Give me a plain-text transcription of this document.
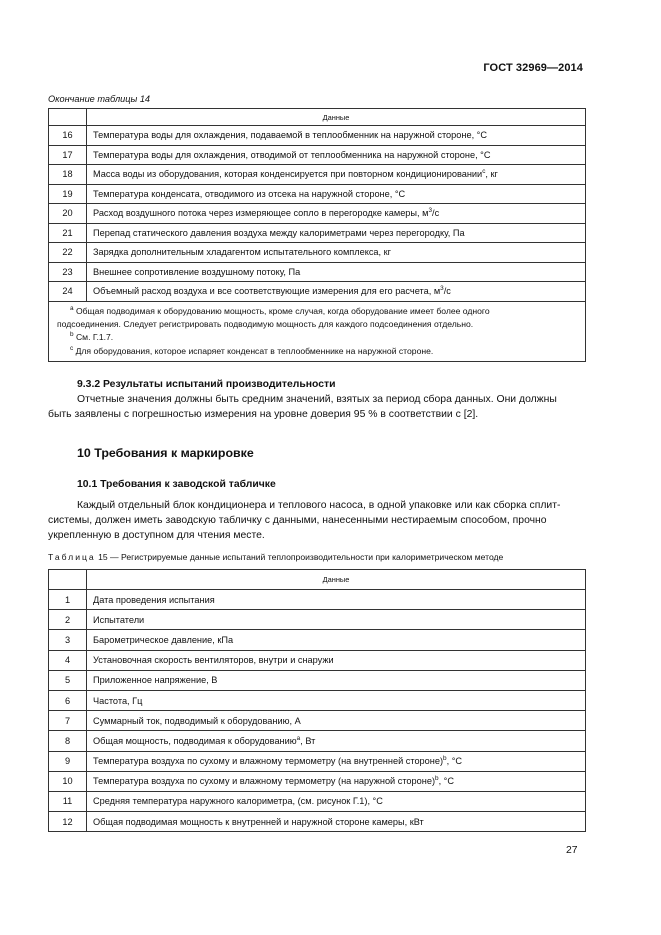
ГОСТ 32969—2014
Окончание таблицы 14
	Данные
16	Температура воды для охлаждения, подаваемой в теплообменник на наружной стороне, °С
17	Температура воды для охлаждения, отводимой от теплообменника на наружной стороне, °С
18	Масса воды из оборудования, которая конденсируется при повторном кондиционировании$^с$, кг
19	Температура конденсата, отводимого из отсека на наружной стороне, °С
20	Расход воздушного потока через измеряющее сопло в перегородке камеры, $м^3/с$
21	Перепад статического давления воздуха между калориметрами через перегородку, Па
22	Зарядка дополнительным хладагентом испытательного комплекса, кг
23	Внешнее сопротивление воздушному потоку, Па
24	Объемный расход воздуха и все соответствующие измерения для его расчета, $м^3/с$

$^а$ Общая подводимая к оборудованию мощность, кроме случая, когда оборудование имеет более одного
подсоединения. Следует регистрировать подводимую мощность для каждого подсоединения отдельно.
$^b$ См. Г.1.7.
$^с$ Для оборудования, которое испаряет конденсат в теплообменнике на наружной стороне.	
9.3.2 Результаты испытаний производительности
Отчетные значения должны быть средним значений, взятых за период сбора данных. Они должны
быть заявлены с погрешностью измерения на уровне доверия 95 % в соответствии с [2].
10 Требования к маркировке
10.1 Требования к заводской табличке
Каждый отдельный блок кондиционера и теплового насоса, в одной упаковке или как сборка сплит-
системы, должен иметь заводскую табличку с данными, нанесенными нестираемым способом, прочно
укрепленную в доступном для чтения месте.
Таблица 15 — Регистрируемые данные испытаний теплопроизводительности при калориметрическом методе
	Данные
1	Дата проведения испытания
2	Испытатели
3	Барометрическое давление, кПа
4	Установочная скорость вентиляторов, внутри и снаружи
5	Приложенное напряжение, В
6	Частота, Гц
7	Суммарный ток, подводимый к оборудованию, А
8	Общая мощность, подводимая к оборудованию$^a$, Вт
9	Температура воздуха по сухому и влажному термометру (на внутренней стороне)$^b$, °С
10	Температура воздуха по сухому и влажному термометру (на наружной стороне)$^b$, °С
11	Средняя температура наружного калориметра, (см. рисунок Г.1), °С
12	Общая подводимая мощность к внутренней и наружной стороне камеры, кВт
27
